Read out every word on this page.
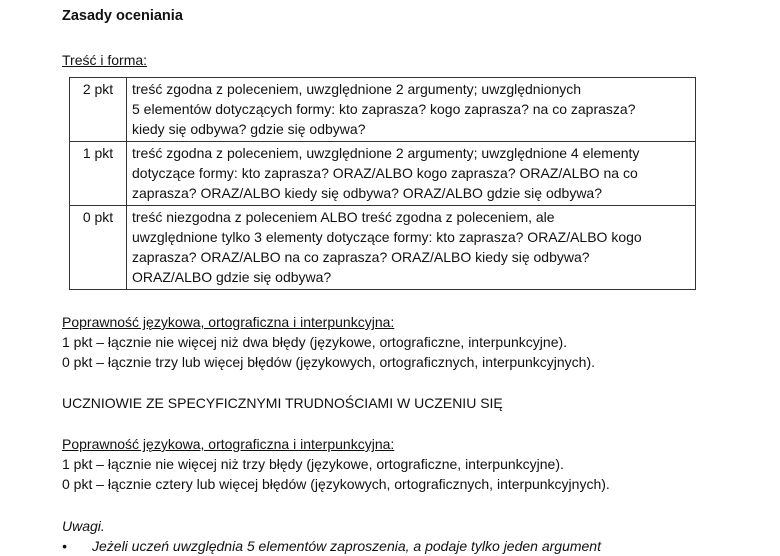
Zasady oceniania

Treść i forma:
2 pkt	treść zgodna z poleceniem, uwzględnione 2 argumenty; uwzględnionych
5 elementów dotyczących formy: kto zaprasza? kogo zaprasza? na co zaprasza?
kiedy się odbywa? gdzie się odbywa?

1 pkt	treść zgodna z poleceniem, uwzględnione 2 argumenty; uwzględnione 4 elementy
dotyczące formy: kto zaprasza? ORAZ/ALBO kogo zaprasza? ORAZ/ALBO na co
zaprasza? ORAZ/ALBO kiedy się odbywa? ORAZ/ALBO gdzie się odbywa?

0 pkt	treść niezgodna z poleceniem ALBO treść zgodna z poleceniem, ale
uwzględnione tylko 3 elementy dotyczące formy: kto zaprasza? ORAZ/ALBO kogo
zaprasza? ORAZ/ALBO na co zaprasza? ORAZ/ALBO kiedy się odbywa?
ORAZ/ALBO gdzie się odbywa?
Poprawność językowa, ortograficzna i interpunkcyjna:
1 pkt – łącznie nie więcej niż dwa błędy (językowe, ortograficzne, interpunkcyjne).
0 pkt – łącznie trzy lub więcej błędów (językowych, ortograficznych, interpunkcyjnych).
UCZNIOWIE ZE SPECYFICZNYMI TRUDNOŚCIAMI W UCZENIU SIĘ
Poprawność językowa, ortograficzna i interpunkcyjna:
1 pkt – łącznie nie więcej niż trzy błędy (językowe, ortograficzne, interpunkcyjne).
0 pkt – łącznie cztery lub więcej błędów (językowych, ortograficznych, interpunkcyjnych).
Uwagi.
• Jeżeli uczeń uwzględnia 5 elementów zaproszenia, a podaje tylko jeden argument
